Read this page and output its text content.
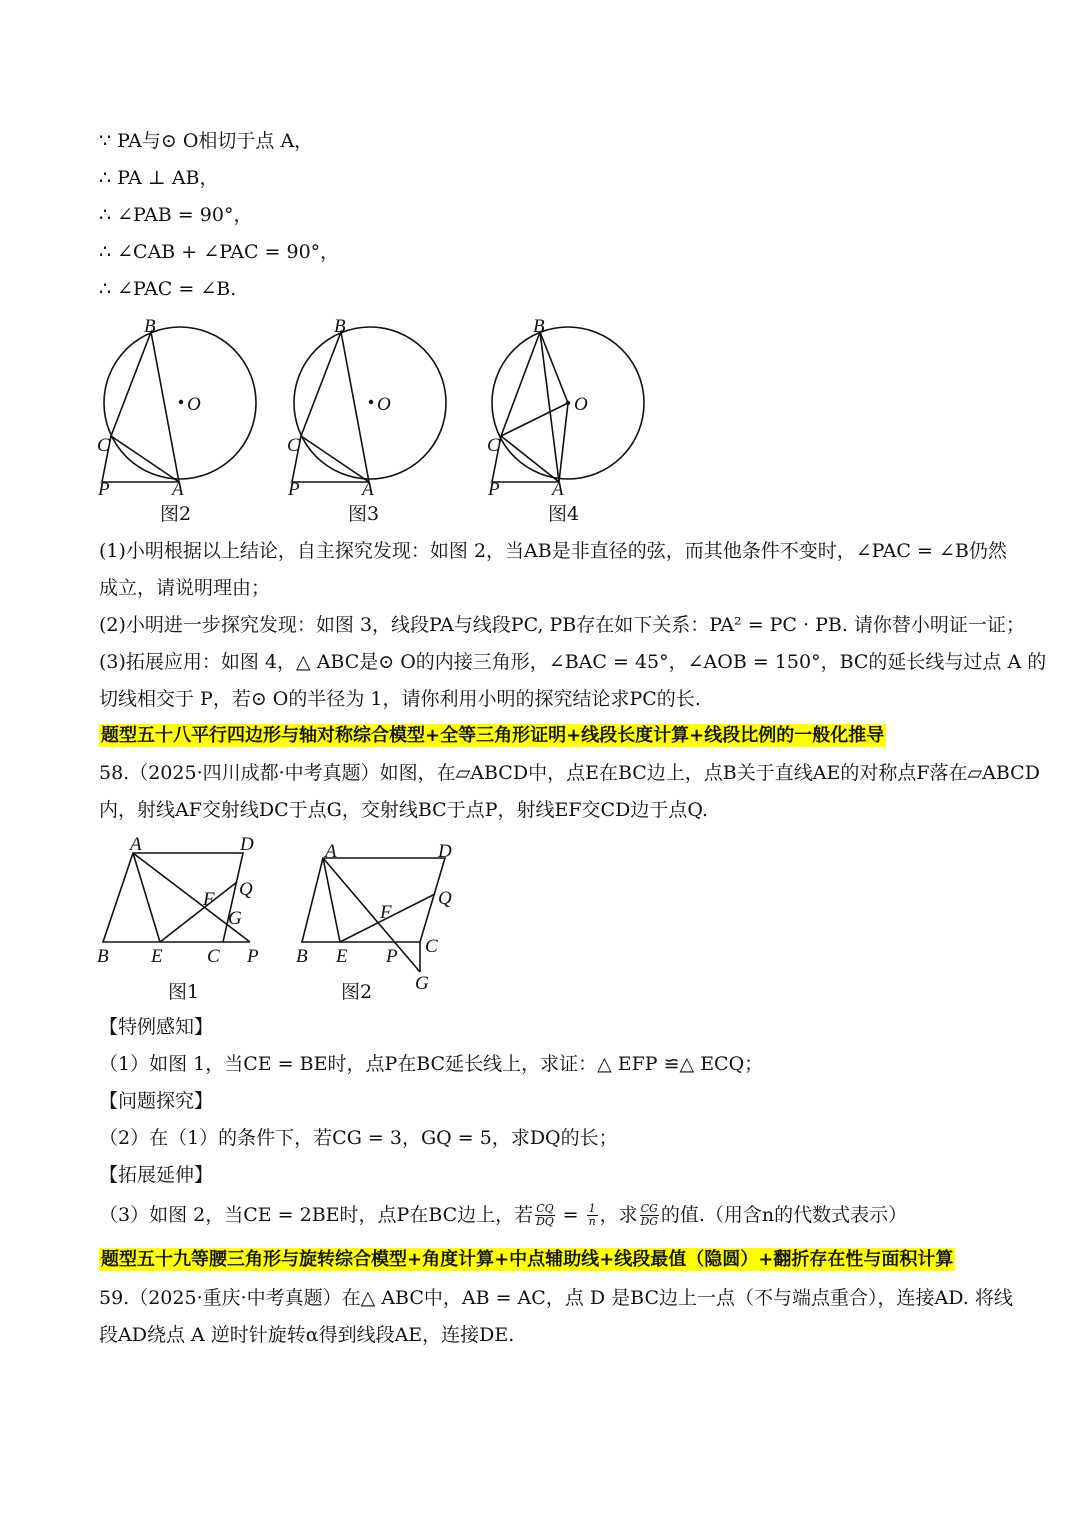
∵ PA与⊙ O相切于点 A，
∴ PA ⊥ AB，
∴ ∠PAB = 90°，
∴ ∠CAB + ∠PAC = 90°，
∴ ∠PAC = ∠B.
B
O
C
P	A
B
O
C
P	A
B
O
C
P	A
图2	图3	图4
(1)小明根据以上结论，自主探究发现：如图 2，当AB是非直径的弦，而其他条件不变时，∠PAC = ∠B仍然
成立，请说明理由；
(2)小明进一步探究发现：如图 3，线段PA与线段PC, PB存在如下关系：PA² = PC · PB. 请你替小明证一证；
(3)拓展应用：如图 4，△ ABC是⊙ O的内接三角形，∠BAC = 45°，∠AOB = 150°，BC的延长线与过点 A 的
切线相交于 P，若⊙ O的半径为 1，请你利用小明的探究结论求PC的长.
题型五十八平行四边形与轴对称综合模型+全等三角形证明+线段长度计算+线段比例的一般化推导
58.（2025·四川成都·中考真题）如图，在▱ABCD中，点E在BC边上，点B关于直线AE的对称点F落在▱ABCD
内，射线AF交射线DC于点G，交射线BC于点P，射线EF交CD边于点Q.
A	D
F Q
G
B E C P
A	D
F
Q
C
B E P
G
图1	图2
【特例感知】
（1）如图 1，当CE = BE时，点P在BC延长线上，求证：△ EFP ≌△ ECQ；
【问题探究】
（2）在（1）的条件下，若CG = 3，GQ = 5，求DQ的长；
【拓展延伸】
（3）如图 2，当CE = 2BE时，点P在BC边上，若 $\frac{CQ}{DQ} = \frac{1}{n}$ ，求 $\frac{CG}{DG}$ 的值.（用含n的代数式表示）
题型五十九等腰三角形与旋转综合模型+角度计算+中点辅助线+线段最值（隐圆）+翻折存在性与面积计算
59.（2025·重庆·中考真题）在△ ABC中，AB = AC，点 D 是BC边上一点（不与端点重合），连接AD. 将线
段AD绕点 A 逆时针旋转α得到线段AE，连接DE.
